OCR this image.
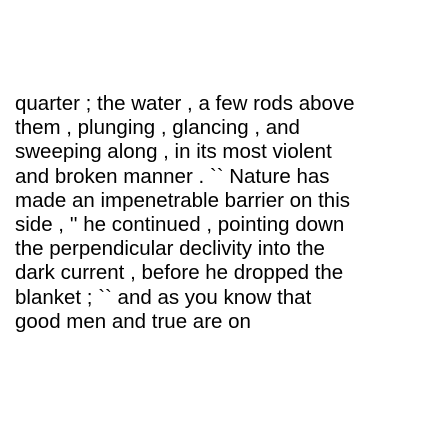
quarter ; the water , a few rods above
them , plunging , glancing , and
sweeping along , in its most violent
and broken manner . `` Nature has
made an impenetrable barrier on this
side , '' he continued , pointing down
the perpendicular declivity into the
dark current , before he dropped the
blanket ; `` and as you know that
good men and true are on
